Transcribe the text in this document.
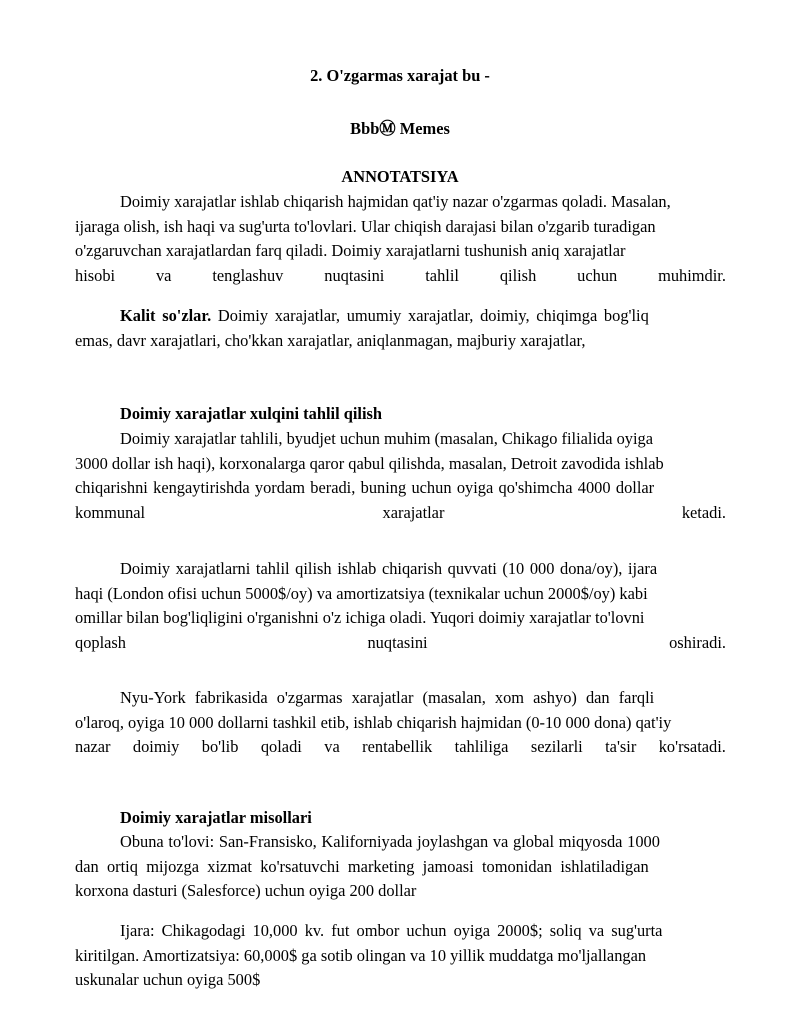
2. O'zgarmas xarajat bu -
BbbⓂ Memes
ANNOTATSIYA
Doimiy xarajatlar ishlab chiqarish hajmidan qat'iy nazar o'zgarmas qoladi. Masalan,
ijaraga olish, ish haqi va sug'urta to'lovlari. Ular chiqish darajasi bilan o'zgarib turadigan
o'zgaruvchan xarajatlardan farq qiladi. Doimiy xarajatlarni tushunish aniq xarajatlar
hisobi va tenglashuv nuqtasini tahlil qilish uchun muhimdir.
Kalit so'zlar. Doimiy xarajatlar, umumiy xarajatlar, doimiy, chiqimga bog'liq
emas, davr xarajatlari, cho'kkan xarajatlar, aniqlanmagan, majburiy xarajatlar,
Doimiy xarajatlar xulqini tahlil qilish
Doimiy xarajatlar tahlili, byudjet uchun muhim (masalan, Chikago filialida oyiga
3000 dollar ish haqi), korxonalarga qaror qabul qilishda, masalan, Detroit zavodida ishlab
chiqarishni kengaytirishda yordam beradi, buning uchun oyiga qo'shimcha 4000 dollar
kommunal	xarajatlar	ketadi.
Doimiy xarajatlarni tahlil qilish ishlab chiqarish quvvati (10 000 dona/oy), ijara
haqi (London ofisi uchun 5000$/oy) va amortizatsiya (texnikalar uchun 2000$/oy) kabi
omillar bilan bog'liqligini o'rganishni o'z ichiga oladi. Yuqori doimiy xarajatlar to'lovni
qoplash	nuqtasini	oshiradi.
Nyu-York fabrikasida o'zgarmas xarajatlar (masalan, xom ashyo) dan farqli
o'laroq, oyiga 10 000 dollarni tashkil etib, ishlab chiqarish hajmidan (0-10 000 dona) qat'iy
nazar doimiy bo'lib qoladi va rentabellik tahliliga sezilarli ta'sir ko'rsatadi.
Doimiy xarajatlar misollari
Obuna to'lovi: San-Fransisko, Kaliforniyada joylashgan va global miqyosda 1000
dan ortiq mijozga xizmat ko'rsatuvchi marketing jamoasi tomonidan ishlatiladigan
korxona dasturi (Salesforce) uchun oyiga 200 dollar
Ijara: Chikagodagi 10,000 kv. fut ombor uchun oyiga 2000$; soliq va sug'urta
kiritilgan. Amortizatsiya: 60,000$ ga sotib olingan va 10 yillik muddatga mo'ljallangan
uskunalar uchun oyiga 500$
